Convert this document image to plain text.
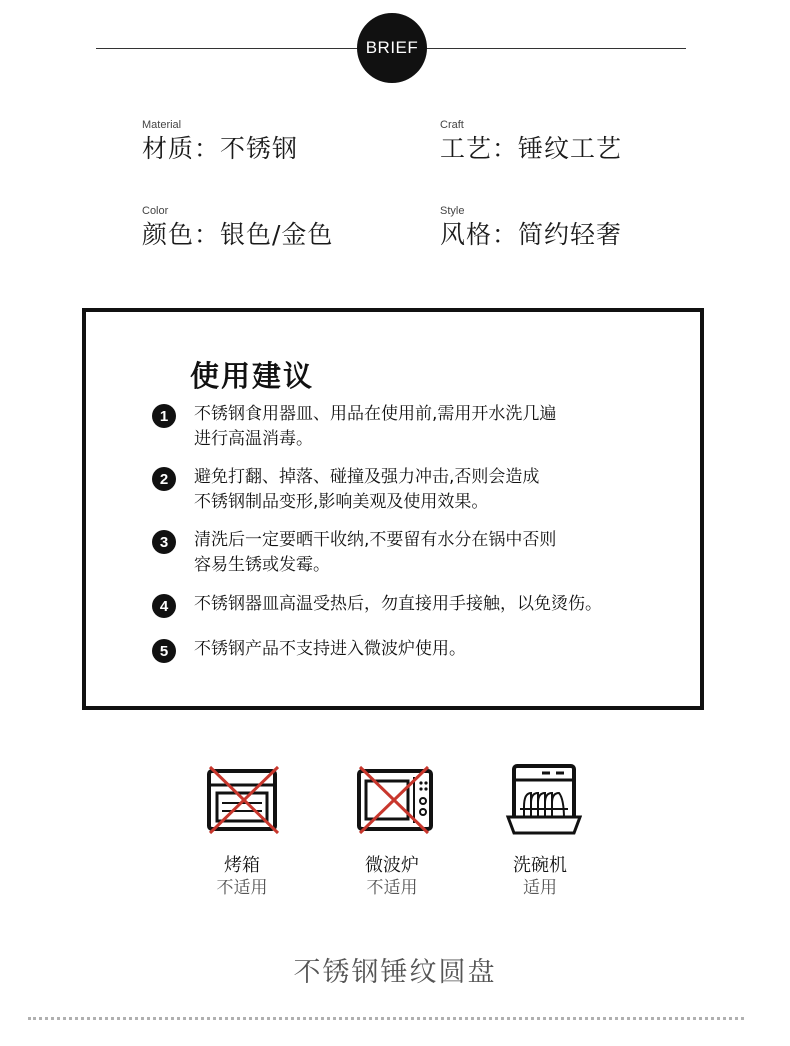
BRIEF
Material
材质：不锈钢
Craft
工艺：锤纹工艺
Color
颜色：银色/金色
Style
风格：简约轻奢
使用建议
1	不锈钢食用器皿、用品在使用前,需用开水洗几遍
进行高温消毒。
2	避免打翻、掉落、碰撞及强力冲击,否则会造成
不锈钢制品变形,影响美观及使用效果。
3	清洗后一定要晒干收纳,不要留有水分在锅中否则
容易生锈或发霉。
4	不锈钢器皿高温受热后，勿直接用手接触，以免烫伤。
5	不锈钢产品不支持进入微波炉使用。
烤箱
不适用
微波炉
不适用
洗碗机
适用
不锈钢锤纹圆盘
